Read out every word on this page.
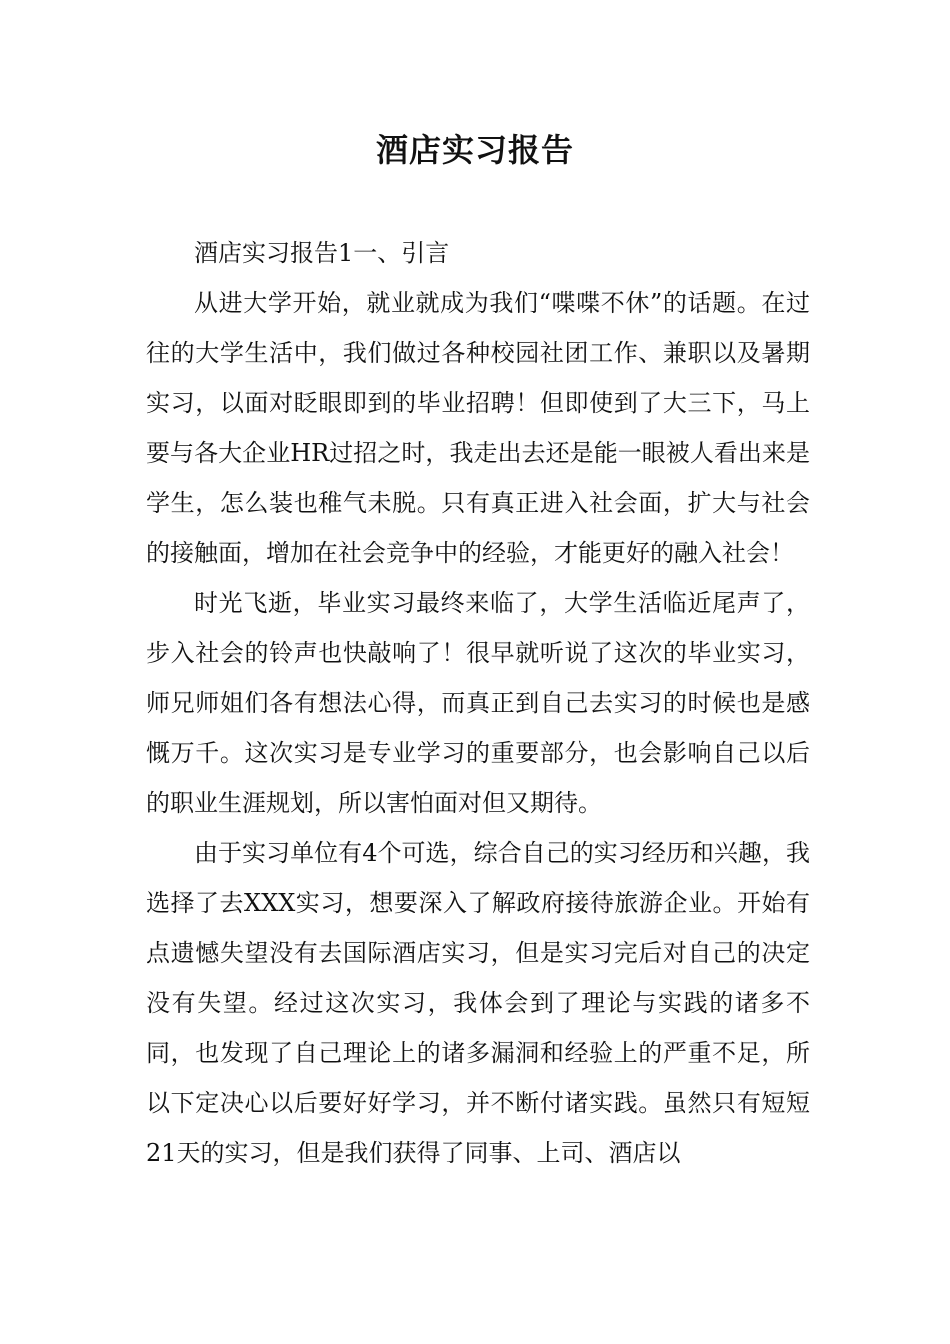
酒店实习报告

酒店实习报告1一、引言

从进大学开始，就业就成为我们“喋喋不休”的话题。在过往的大学生活中，我们做过各种校园社团工作、兼职以及暑期实习，以面对眨眼即到的毕业招聘！但即使到了大三下，马上要与各大企业HR过招之时，我走出去还是能一眼被人看出来是学生，怎么装也稚气未脱。只有真正进入社会面，扩大与社会的接触面，增加在社会竞争中的经验，才能更好的融入社会！

时光飞逝，毕业实习最终来临了，大学生活临近尾声了，步入社会的铃声也快敲响了！很早就听说了这次的毕业实习，师兄师姐们各有想法心得，而真正到自己去实习的时候也是感慨万千。这次实习是专业学习的重要部分，也会影响自己以后的职业生涯规划，所以害怕面对但又期待。

由于实习单位有4个可选，综合自己的实习经历和兴趣，我选择了去XXX实习，想要深入了解政府接待旅游企业。开始有点遗憾失望没有去国际酒店实习，但是实习完后对自己的决定没有失望。经过这次实习，我体会到了理论与实践的诸多不同，也发现了自己理论上的诸多漏洞和经验上的严重不足，所以下定决心以后要好好学习，并不断付诸实践。虽然只有短短21天的实习，但是我们获得了同事、上司、酒店以
